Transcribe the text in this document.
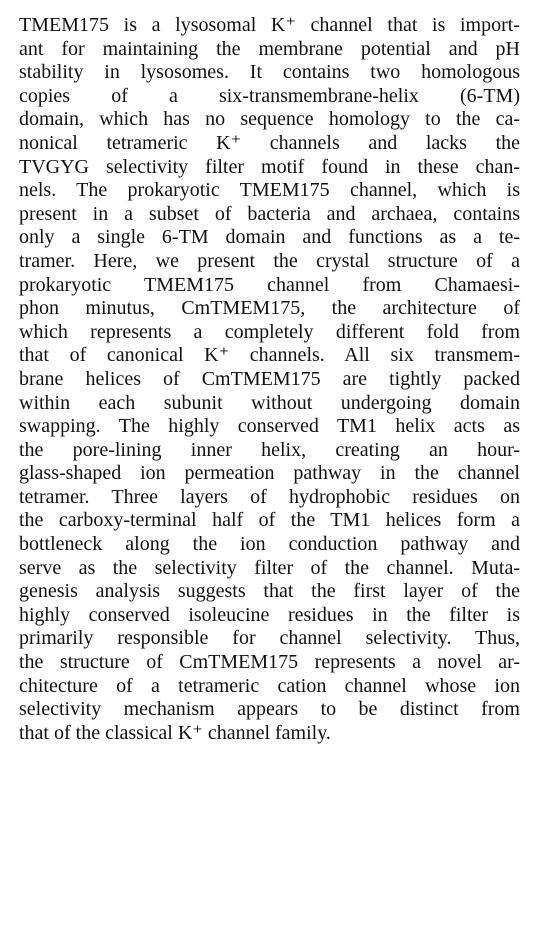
TMEM175 is a lysosomal K⁺ channel that is import-
ant for maintaining the membrane potential and pH
stability in lysosomes. It contains two homologous
copies of a six-transmembrane-helix (6-TM)
domain, which has no sequence homology to the ca-
nonical tetrameric K⁺ channels and lacks the
TVGYG selectivity filter motif found in these chan-
nels. The prokaryotic TMEM175 channel, which is
present in a subset of bacteria and archaea, contains
only a single 6-TM domain and functions as a te-
tramer. Here, we present the crystal structure of a
prokaryotic TMEM175 channel from Chamaesi-
phon minutus, CmTMEM175, the architecture of
which represents a completely different fold from
that of canonical K⁺ channels. All six transmem-
brane helices of CmTMEM175 are tightly packed
within each subunit without undergoing domain
swapping. The highly conserved TM1 helix acts as
the pore-lining inner helix, creating an hour-
glass-shaped ion permeation pathway in the channel
tetramer. Three layers of hydrophobic residues on
the carboxy-terminal half of the TM1 helices form a
bottleneck along the ion conduction pathway and
serve as the selectivity filter of the channel. Muta-
genesis analysis suggests that the first layer of the
highly conserved isoleucine residues in the filter is
primarily responsible for channel selectivity. Thus,
the structure of CmTMEM175 represents a novel ar-
chitecture of a tetrameric cation channel whose ion
selectivity mechanism appears to be distinct from
that of the classical K⁺ channel family.
